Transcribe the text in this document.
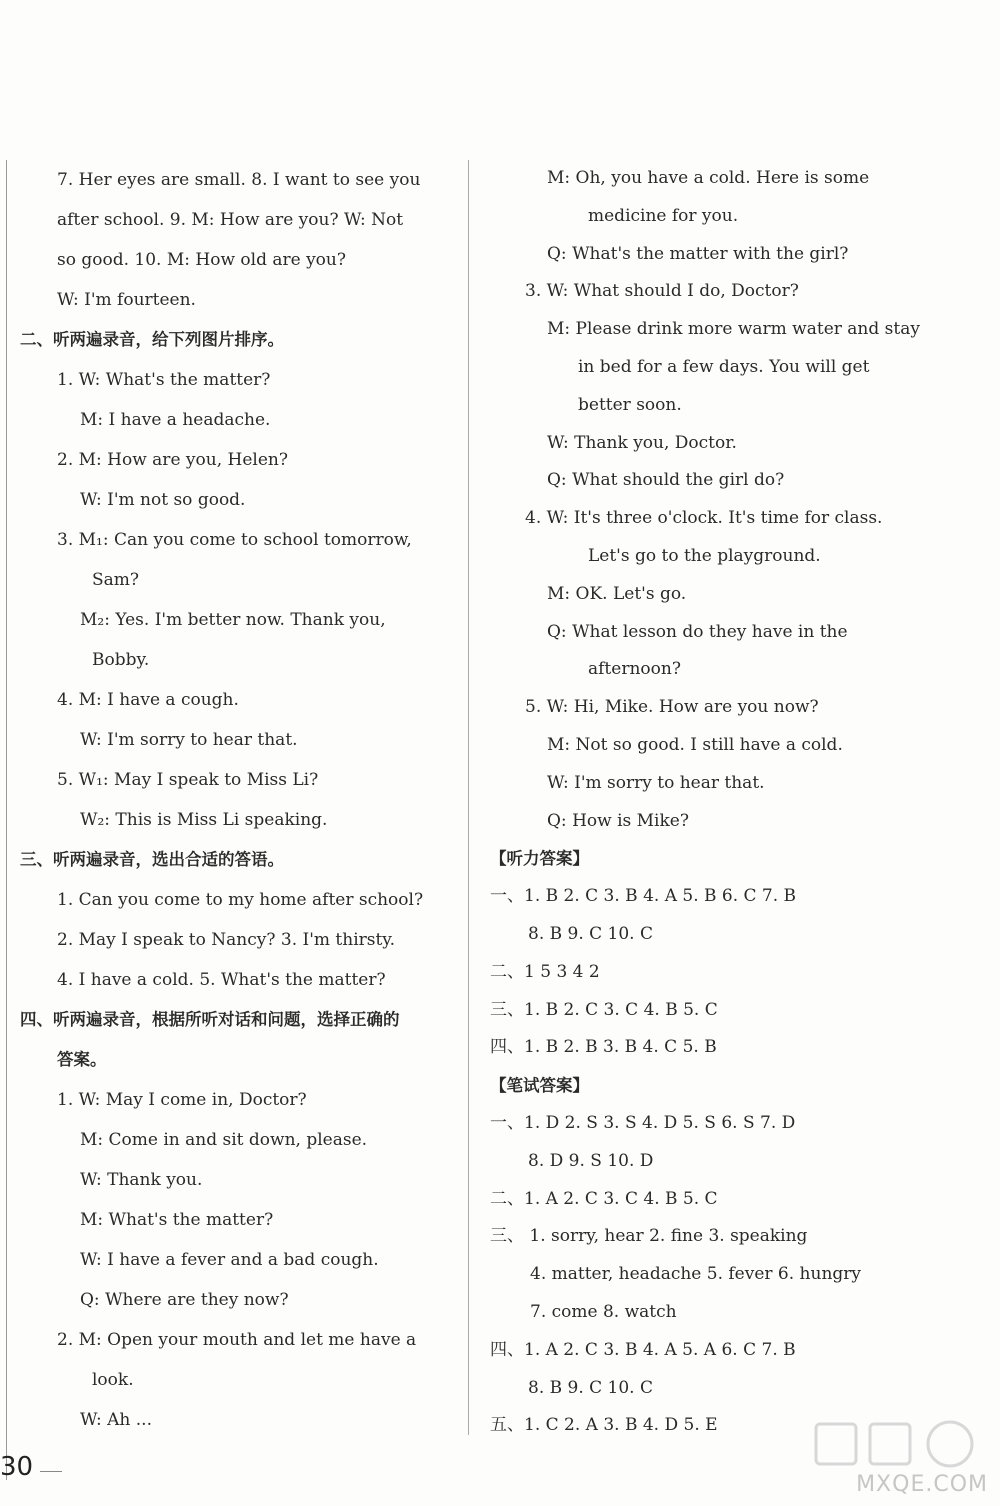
7. Her eyes are small. 8. I want to see you
after school. 9. M: How are you? W: Not
so good. 10. M: How old are you?
W: I'm fourteen.
二、听两遍录音，给下列图片排序。
1. W: What's the matter?
M: I have a headache.
2. M: How are you, Helen?
W: I'm not so good.
3. M₁: Can you come to school tomorrow,
Sam?
M₂: Yes. I'm better now. Thank you,
Bobby.
4. M: I have a cough.
W: I'm sorry to hear that.
5. W₁: May I speak to Miss Li?
W₂: This is Miss Li speaking.
三、听两遍录音，选出合适的答语。
1. Can you come to my home after school?
2. May I speak to Nancy? 3. I'm thirsty.
4. I have a cold. 5. What's the matter?
四、听两遍录音，根据所听对话和问题，选择正确的
答案。
1. W: May I come in, Doctor?
M: Come in and sit down, please.
W: Thank you.
M: What's the matter?
W: I have a fever and a bad cough.
Q: Where are they now?
2. M: Open your mouth and let me have a
look.
W: Ah ...
M: Oh, you have a cold. Here is some
medicine for you.
Q: What's the matter with the girl?
3. W: What should I do, Doctor?
M: Please drink more warm water and stay
in bed for a few days. You will get
better soon.
W: Thank you, Doctor.
Q: What should the girl do?
4. W: It's three o'clock. It's time for class.
Let's go to the playground.
M: OK. Let's go.
Q: What lesson do they have in the
afternoon?
5. W: Hi, Mike. How are you now?
M: Not so good. I still have a cold.
W: I'm sorry to hear that.
Q: How is Mike?
【听力答案】
一、1. B 2. C 3. B 4. A 5. B 6. C 7. B
8. B 9. C 10. C
二、1 5 3 4 2
三、1. B 2. C 3. C 4. B 5. C
四、1. B 2. B 3. B 4. C 5. B
【笔试答案】
一、1. D 2. S 3. S 4. D 5. S 6. S 7. D
8. D 9. S 10. D
二、1. A 2. C 3. C 4. B 5. C
三、 1. sorry, hear 2. fine 3. speaking
4. matter, headache 5. fever 6. hungry
7. come 8. watch
四、1. A 2. C 3. B 4. A 5. A 6. C 7. B
8. B 9. C 10. C
五、1. C 2. A 3. B 4. D 5. E
30
MXQE.COM
